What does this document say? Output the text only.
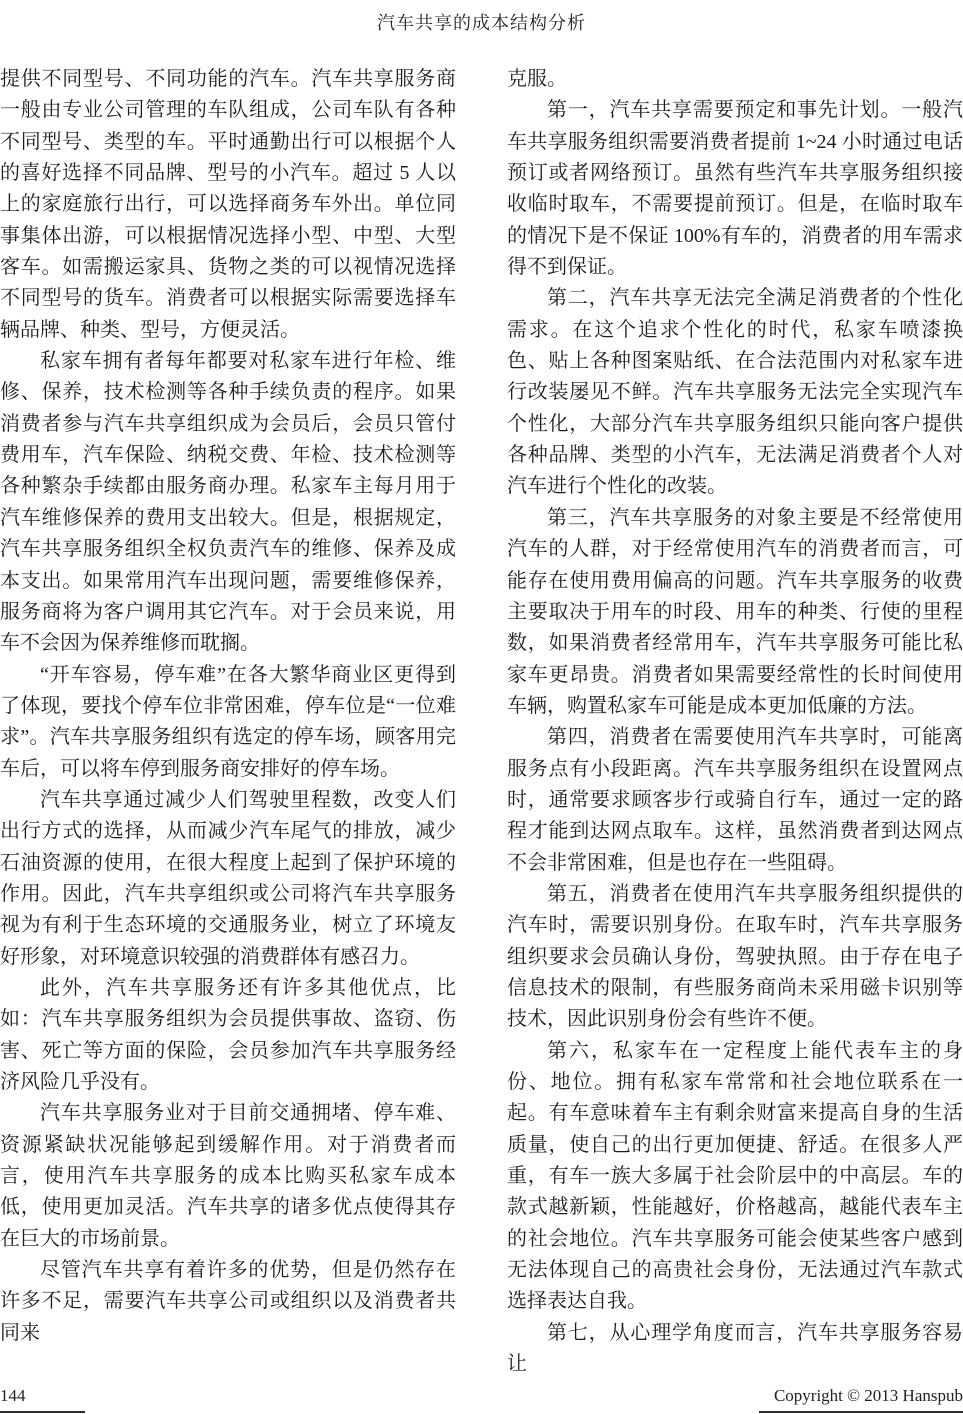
汽车共享的成本结构分析

提供不同型号、不同功能的汽车。汽车共享服务商一般由专业公司管理的车队组成，公司车队有各种不同型号、类型的车。平时通勤出行可以根据个人的喜好选择不同品牌、型号的小汽车。超过 5 人以上的家庭旅行出行，可以选择商务车外出。单位同事集体出游，可以根据情况选择小型、中型、大型客车。如需搬运家具、货物之类的可以视情况选择不同型号的货车。消费者可以根据实际需要选择车辆品牌、种类、型号，方便灵活。

私家车拥有者每年都要对私家车进行年检、维修、保养，技术检测等各种手续负责的程序。如果消费者参与汽车共享组织成为会员后，会员只管付费用车，汽车保险、纳税交费、年检、技术检测等各种繁杂手续都由服务商办理。私家车主每月用于汽车维修保养的费用支出较大。但是，根据规定，汽车共享服务组织全权负责汽车的维修、保养及成本支出。如果常用汽车出现问题，需要维修保养，服务商将为客户调用其它汽车。对于会员来说，用车不会因为保养维修而耽搁。

“开车容易，停车难”在各大繁华商业区更得到了体现，要找个停车位非常困难，停车位是“一位难求”。汽车共享服务组织有选定的停车场，顾客用完车后，可以将车停到服务商安排好的停车场。

汽车共享通过减少人们驾驶里程数，改变人们出行方式的选择，从而减少汽车尾气的排放，减少石油资源的使用，在很大程度上起到了保护环境的作用。因此，汽车共享组织或公司将汽车共享服务视为有利于生态环境的交通服务业，树立了环境友好形象，对环境意识较强的消费群体有感召力。

此外，汽车共享服务还有许多其他优点，比如：汽车共享服务组织为会员提供事故、盗窃、伤害、死亡等方面的保险，会员参加汽车共享服务经济风险几乎没有。

汽车共享服务业对于目前交通拥堵、停车难、资源紧缺状况能够起到缓解作用。对于消费者而言，使用汽车共享服务的成本比购买私家车成本低，使用更加灵活。汽车共享的诸多优点使得其存在巨大的市场前景。

尽管汽车共享有着许多的优势，但是仍然存在许多不足，需要汽车共享公司或组织以及消费者共同来

克服。

第一，汽车共享需要预定和事先计划。一般汽车共享服务组织需要消费者提前 1~24 小时通过电话预订或者网络预订。虽然有些汽车共享服务组织接收临时取车，不需要提前预订。但是，在临时取车的情况下是不保证 100%有车的，消费者的用车需求得不到保证。

第二，汽车共享无法完全满足消费者的个性化需求。在这个追求个性化的时代，私家车喷漆换色、贴上各种图案贴纸、在合法范围内对私家车进行改装屡见不鲜。汽车共享服务无法完全实现汽车个性化，大部分汽车共享服务组织只能向客户提供各种品牌、类型的小汽车，无法满足消费者个人对汽车进行个性化的改装。

第三，汽车共享服务的对象主要是不经常使用汽车的人群，对于经常使用汽车的消费者而言，可能存在使用费用偏高的问题。汽车共享服务的收费主要取决于用车的时段、用车的种类、行使的里程数，如果消费者经常用车，汽车共享服务可能比私家车更昂贵。消费者如果需要经常性的长时间使用车辆，购置私家车可能是成本更加低廉的方法。

第四，消费者在需要使用汽车共享时，可能离服务点有小段距离。汽车共享服务组织在设置网点时，通常要求顾客步行或骑自行车，通过一定的路程才能到达网点取车。这样，虽然消费者到达网点不会非常困难，但是也存在一些阻碍。

第五，消费者在使用汽车共享服务组织提供的汽车时，需要识别身份。在取车时，汽车共享服务组织要求会员确认身份，驾驶执照。由于存在电子信息技术的限制，有些服务商尚未采用磁卡识别等技术，因此识别身份会有些许不便。

第六，私家车在一定程度上能代表车主的身份、地位。拥有私家车常常和社会地位联系在一起。有车意味着车主有剩余财富来提高自身的生活质量，使自己的出行更加便捷、舒适。在很多人严重，有车一族大多属于社会阶层中的中高层。车的款式越新颖，性能越好，价格越高，越能代表车主的社会地位。汽车共享服务可能会使某些客户感到无法体现自己的高贵社会身份，无法通过汽车款式选择表达自我。

第七，从心理学角度而言，汽车共享服务容易让

144	Copyright © 2013 Hanspub
